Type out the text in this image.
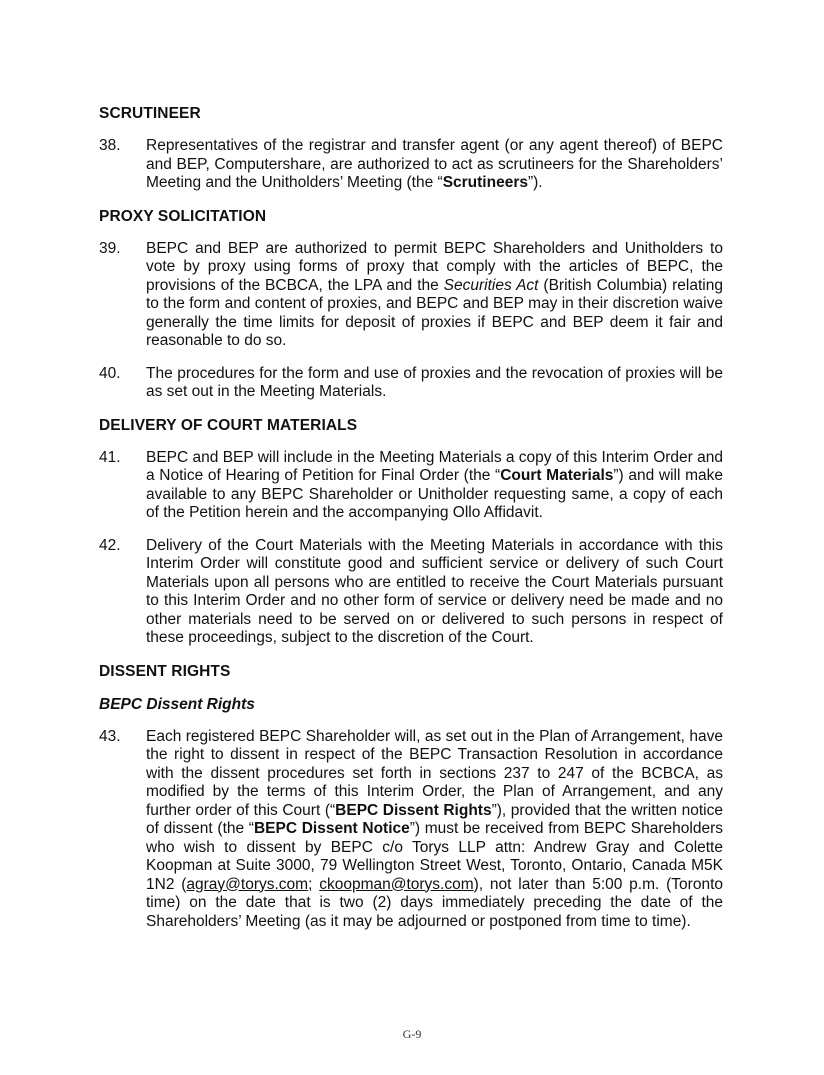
SCRUTINEER
38.	Representatives of the registrar and transfer agent (or any agent thereof) of BEPC and BEP, Computershare, are authorized to act as scrutineers for the Shareholders’ Meeting and the Unitholders’ Meeting (the “Scrutineers”).
PROXY SOLICITATION
39.	BEPC and BEP are authorized to permit BEPC Shareholders and Unitholders to vote by proxy using forms of proxy that comply with the articles of BEPC, the provisions of the BCBCA, the LPA and the Securities Act (British Columbia) relating to the form and content of proxies, and BEPC and BEP may in their discretion waive generally the time limits for deposit of proxies if BEPC and BEP deem it fair and reasonable to do so.
40.	The procedures for the form and use of proxies and the revocation of proxies will be as set out in the Meeting Materials.
DELIVERY OF COURT MATERIALS
41.	BEPC and BEP will include in the Meeting Materials a copy of this Interim Order and a Notice of Hearing of Petition for Final Order (the “Court Materials”) and will make available to any BEPC Shareholder or Unitholder requesting same, a copy of each of the Petition herein and the accompanying Ollo Affidavit.
42.	Delivery of the Court Materials with the Meeting Materials in accordance with this Interim Order will constitute good and sufficient service or delivery of such Court Materials upon all persons who are entitled to receive the Court Materials pursuant to this Interim Order and no other form of service or delivery need be made and no other materials need to be served on or delivered to such persons in respect of these proceedings, subject to the discretion of the Court.
DISSENT RIGHTS
BEPC Dissent Rights
43.	Each registered BEPC Shareholder will, as set out in the Plan of Arrangement, have the right to dissent in respect of the BEPC Transaction Resolution in accordance with the dissent procedures set forth in sections 237 to 247 of the BCBCA, as modified by the terms of this Interim Order, the Plan of Arrangement, and any further order of this Court (“BEPC Dissent Rights”), provided that the written notice of dissent (the “BEPC Dissent Notice”) must be received from BEPC Shareholders who wish to dissent by BEPC c/o Torys LLP attn: Andrew Gray and Colette Koopman at Suite 3000, 79 Wellington Street West, Toronto, Ontario, Canada M5K 1N2 (agray@torys.com; ckoopman@torys.com), not later than 5:00 p.m. (Toronto time) on the date that is two (2) days immediately preceding the date of the Shareholders’ Meeting (as it may be adjourned or postponed from time to time).
G-9
